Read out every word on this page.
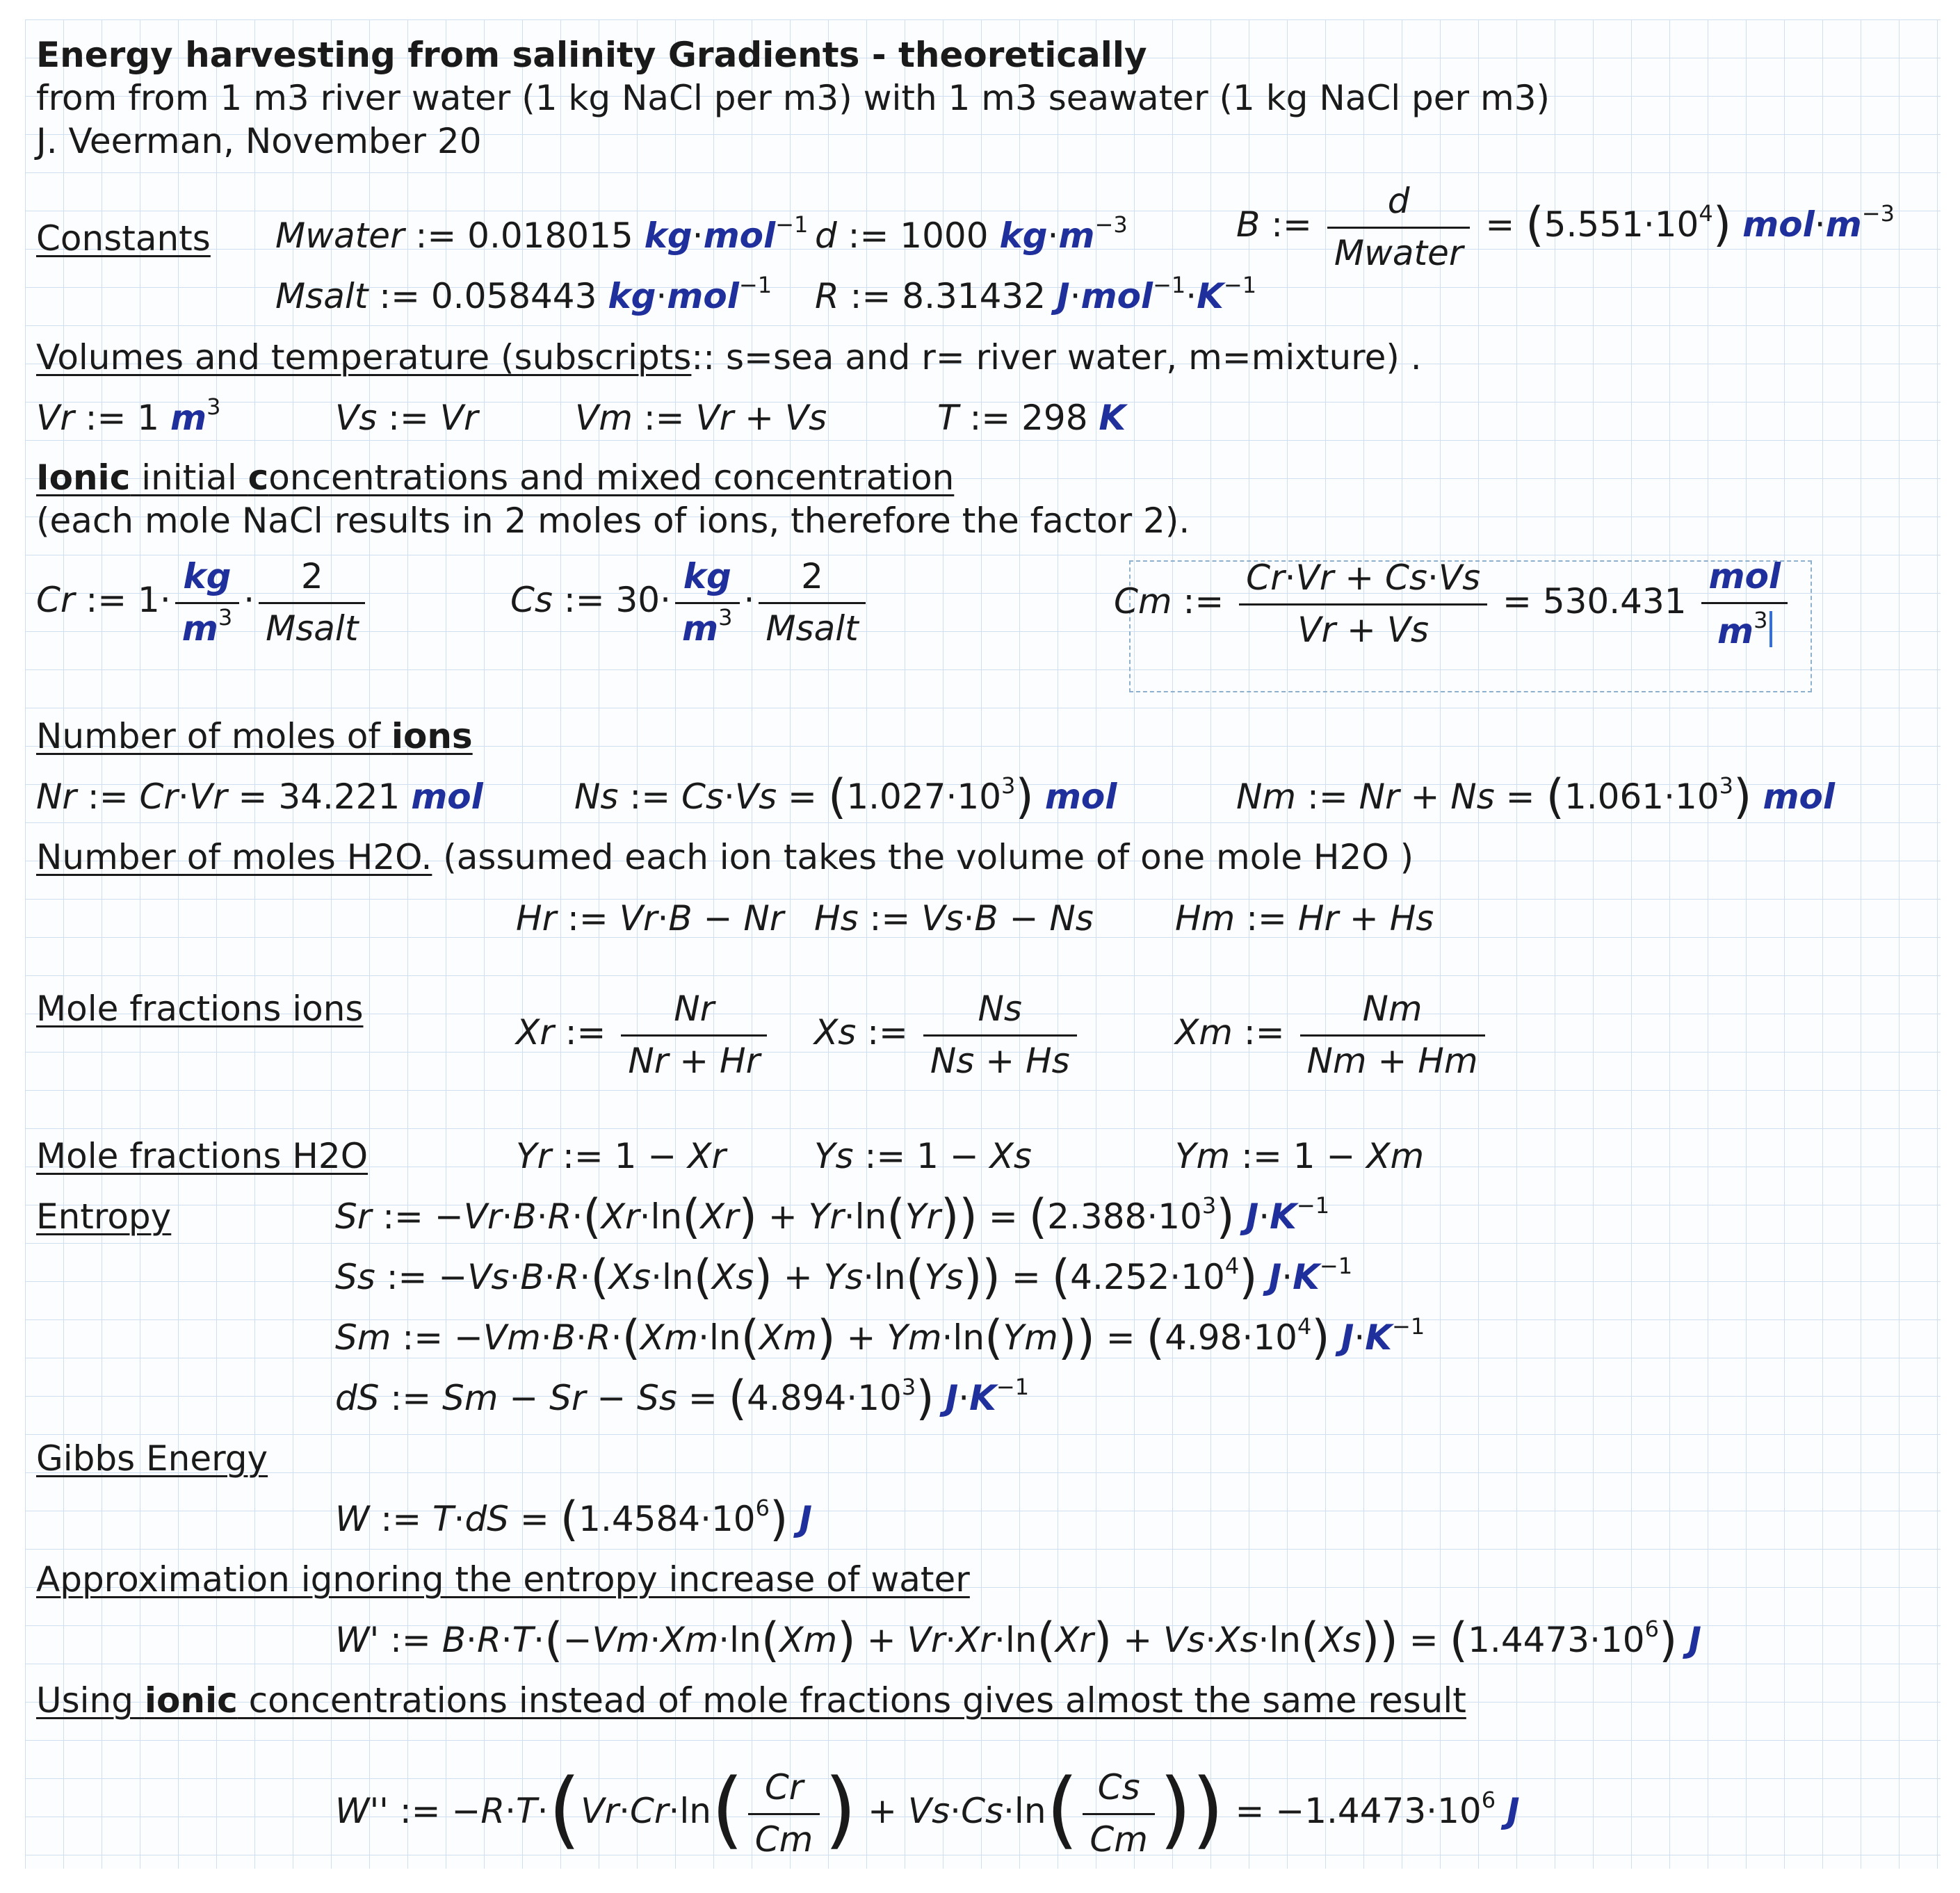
Energy harvesting from salinity Gradients - theoretically
from from 1 m3 river water (1 kg NaCl per m3) with 1 m3 seawater (1 kg NaCl per m3)
J. Veerman, November 20
Constants Mwater := 0.018015 kg·mol$^{-1}$ d := 1000 $kg\cdot m^{-3}$	B :=
d
Mwater
= $(5.551\cdot 10^4)$ $mol\cdot m^{-3}$
Msalt := 0.058443 kg·mol$^{-1}$ R := 8.31432 $J\cdot mol^{-1}\cdot K^{-1}$
Volumes and temperature (subscripts:: s=sea and r= river water, m=mixture) .
Vr := 1 $m^3$	Vs := Vr	Vm := Vr + Vs	T := 298 K
Ionic initial concentrations and mixed concentration
(each mole NaCl results in 2 moles of ions, therefore the factor 2).
Cr := $1\cdot \frac{kg}{m^3}$ ·
2
Msalt
Cs := $30\cdot \frac{kg}{m^3}$ ·
2
Msalt
Cm := $\frac{Cr\cdot Vr + Cs\cdot Vs}{Vr + Vs} = 530.431$
mol
$m^3$
Number of moles of ions
Nr := Cr·Vr = 34.221 mol	Ns := $Cs\cdot Vs = (1.027\cdot 10^3)$ mol	Nm := $Nr + Ns = (1.061\cdot 10^3)$ mol
Number of moles H2O. (assumed each ion takes the volume of one mole H2O )
Hr := Vr·B − Nr Hs := Vs·B − Ns Hm := Hr + Hs
Mole fractions ions
Xr := $\frac{Nr}{Nr + Hr}$ Xs := $\frac{Ns}{Ns + Hs}$	Xm := $\frac{Nm}{Nm + Hm}$
Mole fractions H2O	Yr := 1 − Xr	Ys := 1 − Xs	Ym := 1 − Xm
Entropy	Sr := $-Vr\cdot B\cdot R\cdot(Xr\cdot\ln(Xr) + Yr\cdot\ln(Yr)) = (2.388\cdot 10^3)$ $J\cdot K^{-1}$
Ss := $-Vs\cdot B\cdot R\cdot(Xs\cdot\ln(Xs) + Ys\cdot\ln(Ys)) = (4.252\cdot 10^4)$ $J\cdot K^{-1}$
Sm := $-Vm\cdot B\cdot R\cdot(Xm\cdot\ln(Xm) + Ym\cdot\ln(Ym)) = (4.98\cdot 10^4)$ $J\cdot K^{-1}$
dS := $Sm - Sr - Ss = (4.894\cdot 10^3)$ $J\cdot K^{-1}$
Gibbs Energy
W := $T\cdot dS = (1.4584\cdot 10^6)$ J
Approximation ignoring the entropy increase of water
W' := $B\cdot R\cdot T\cdot(-Vm\cdot Xm\cdot\ln(Xm) + Vr\cdot Xr\cdot\ln(Xr) + Vs\cdot Xs\cdot\ln(Xs)) = (1.4473\cdot 10^6)$ J
Using ionic concentrations instead of mole fractions gives almost the same result
W'' := $-R\cdot T\cdot(Vr\cdot Cr\cdot\ln( \frac{Cr}{Cm}$ ) + $Vs\cdot Cs\cdot\ln( \frac{Cs}{Cm}$ )) = $-1.4473\cdot 10^6$ J
